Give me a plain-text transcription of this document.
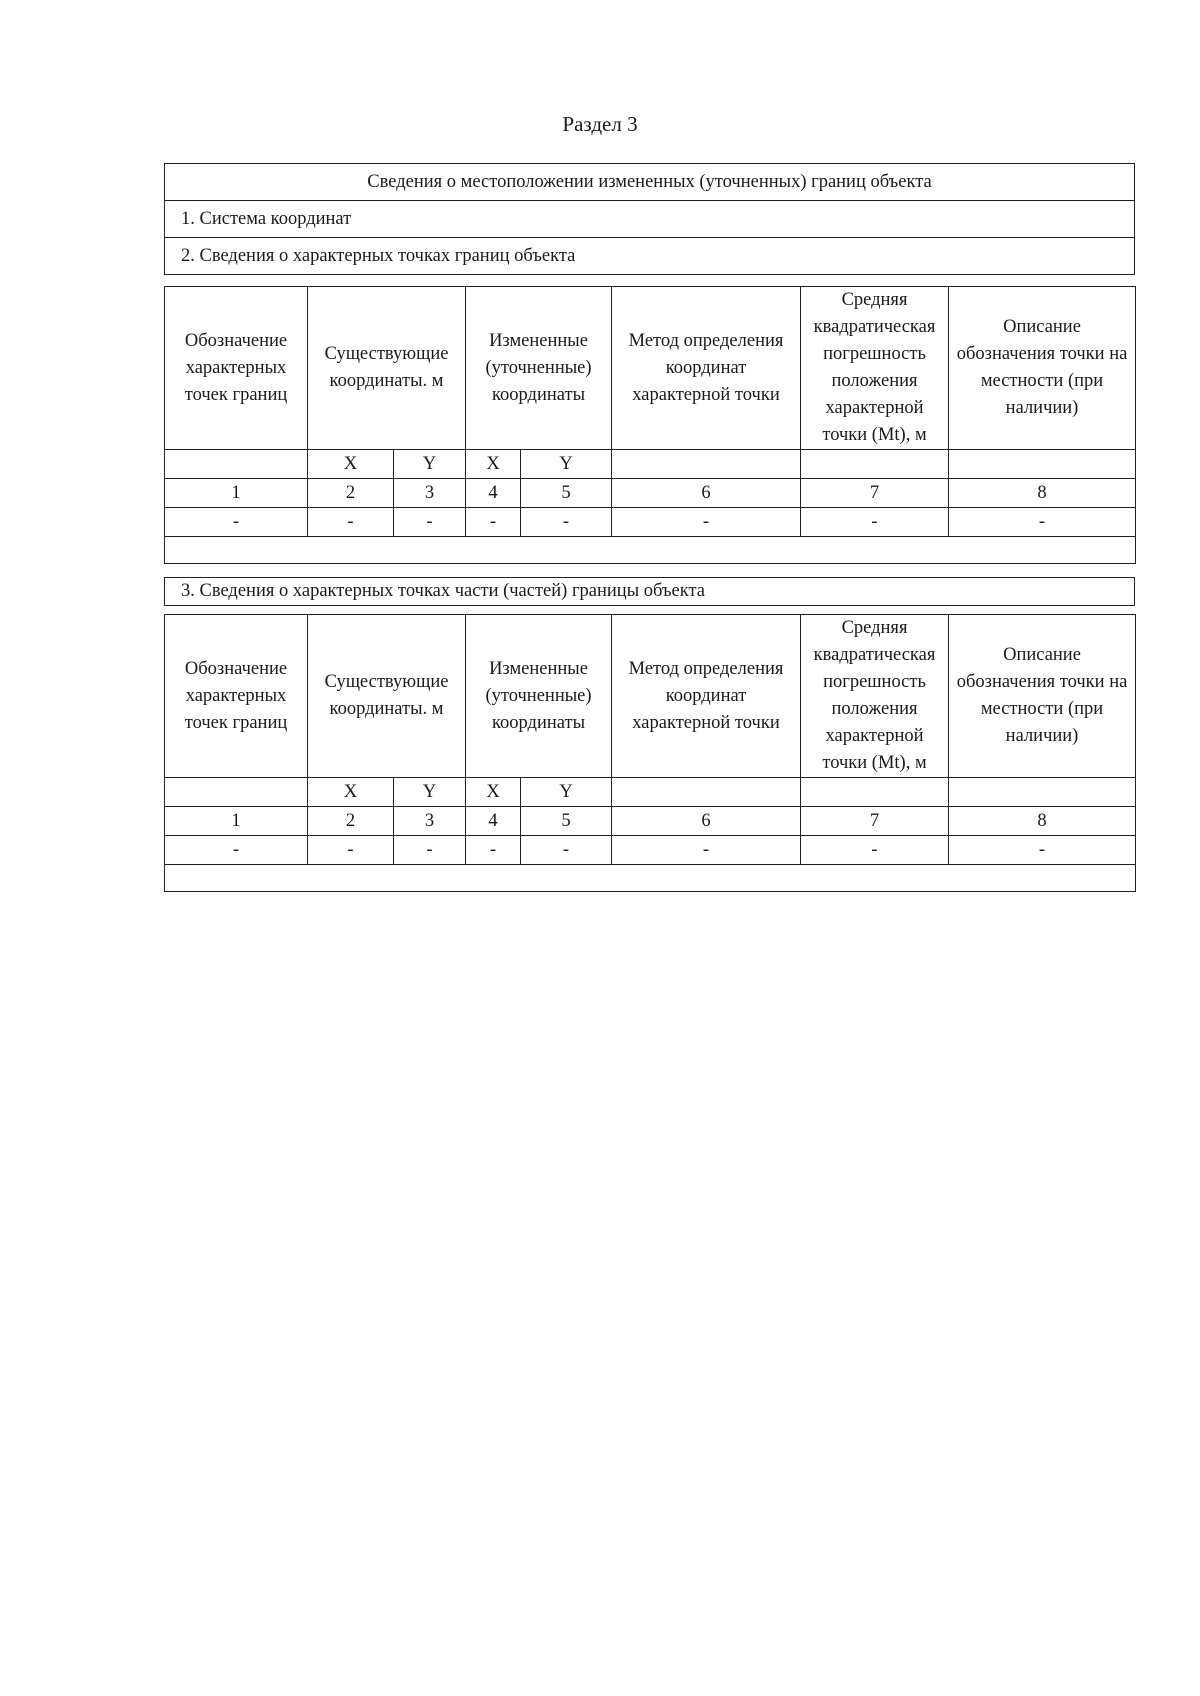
Раздел 3
Сведения о местоположении измененных (уточненных) границ объекта
1. Система координат
2. Сведения о характерных точках границ объекта
Обозначение характерных точек границ	Существующие координаты. м		Измененные (уточненные) координаты		Метод определения координат характерной точки	Средняя квадратическая погрешность положения характерной точки (Mt), м	Описание обозначения точки на местности (при наличии)
	X	Y	X	Y			
1	2	3	4	5	6	7	8
-	-	-	-	-	-	-	-

3. Сведения о характерных точках части (частей) границы объекта
Обозначение характерных точек границ	Существующие координаты. м		Измененные (уточненные) координаты		Метод определения координат характерной точки	Средняя квадратическая погрешность положения характерной точки (Mt), м	Описание обозначения точки на местности (при наличии)
	X	Y	X	Y			
1	2	3	4	5	6	7	8
-	-	-	-	-	-	-	-
